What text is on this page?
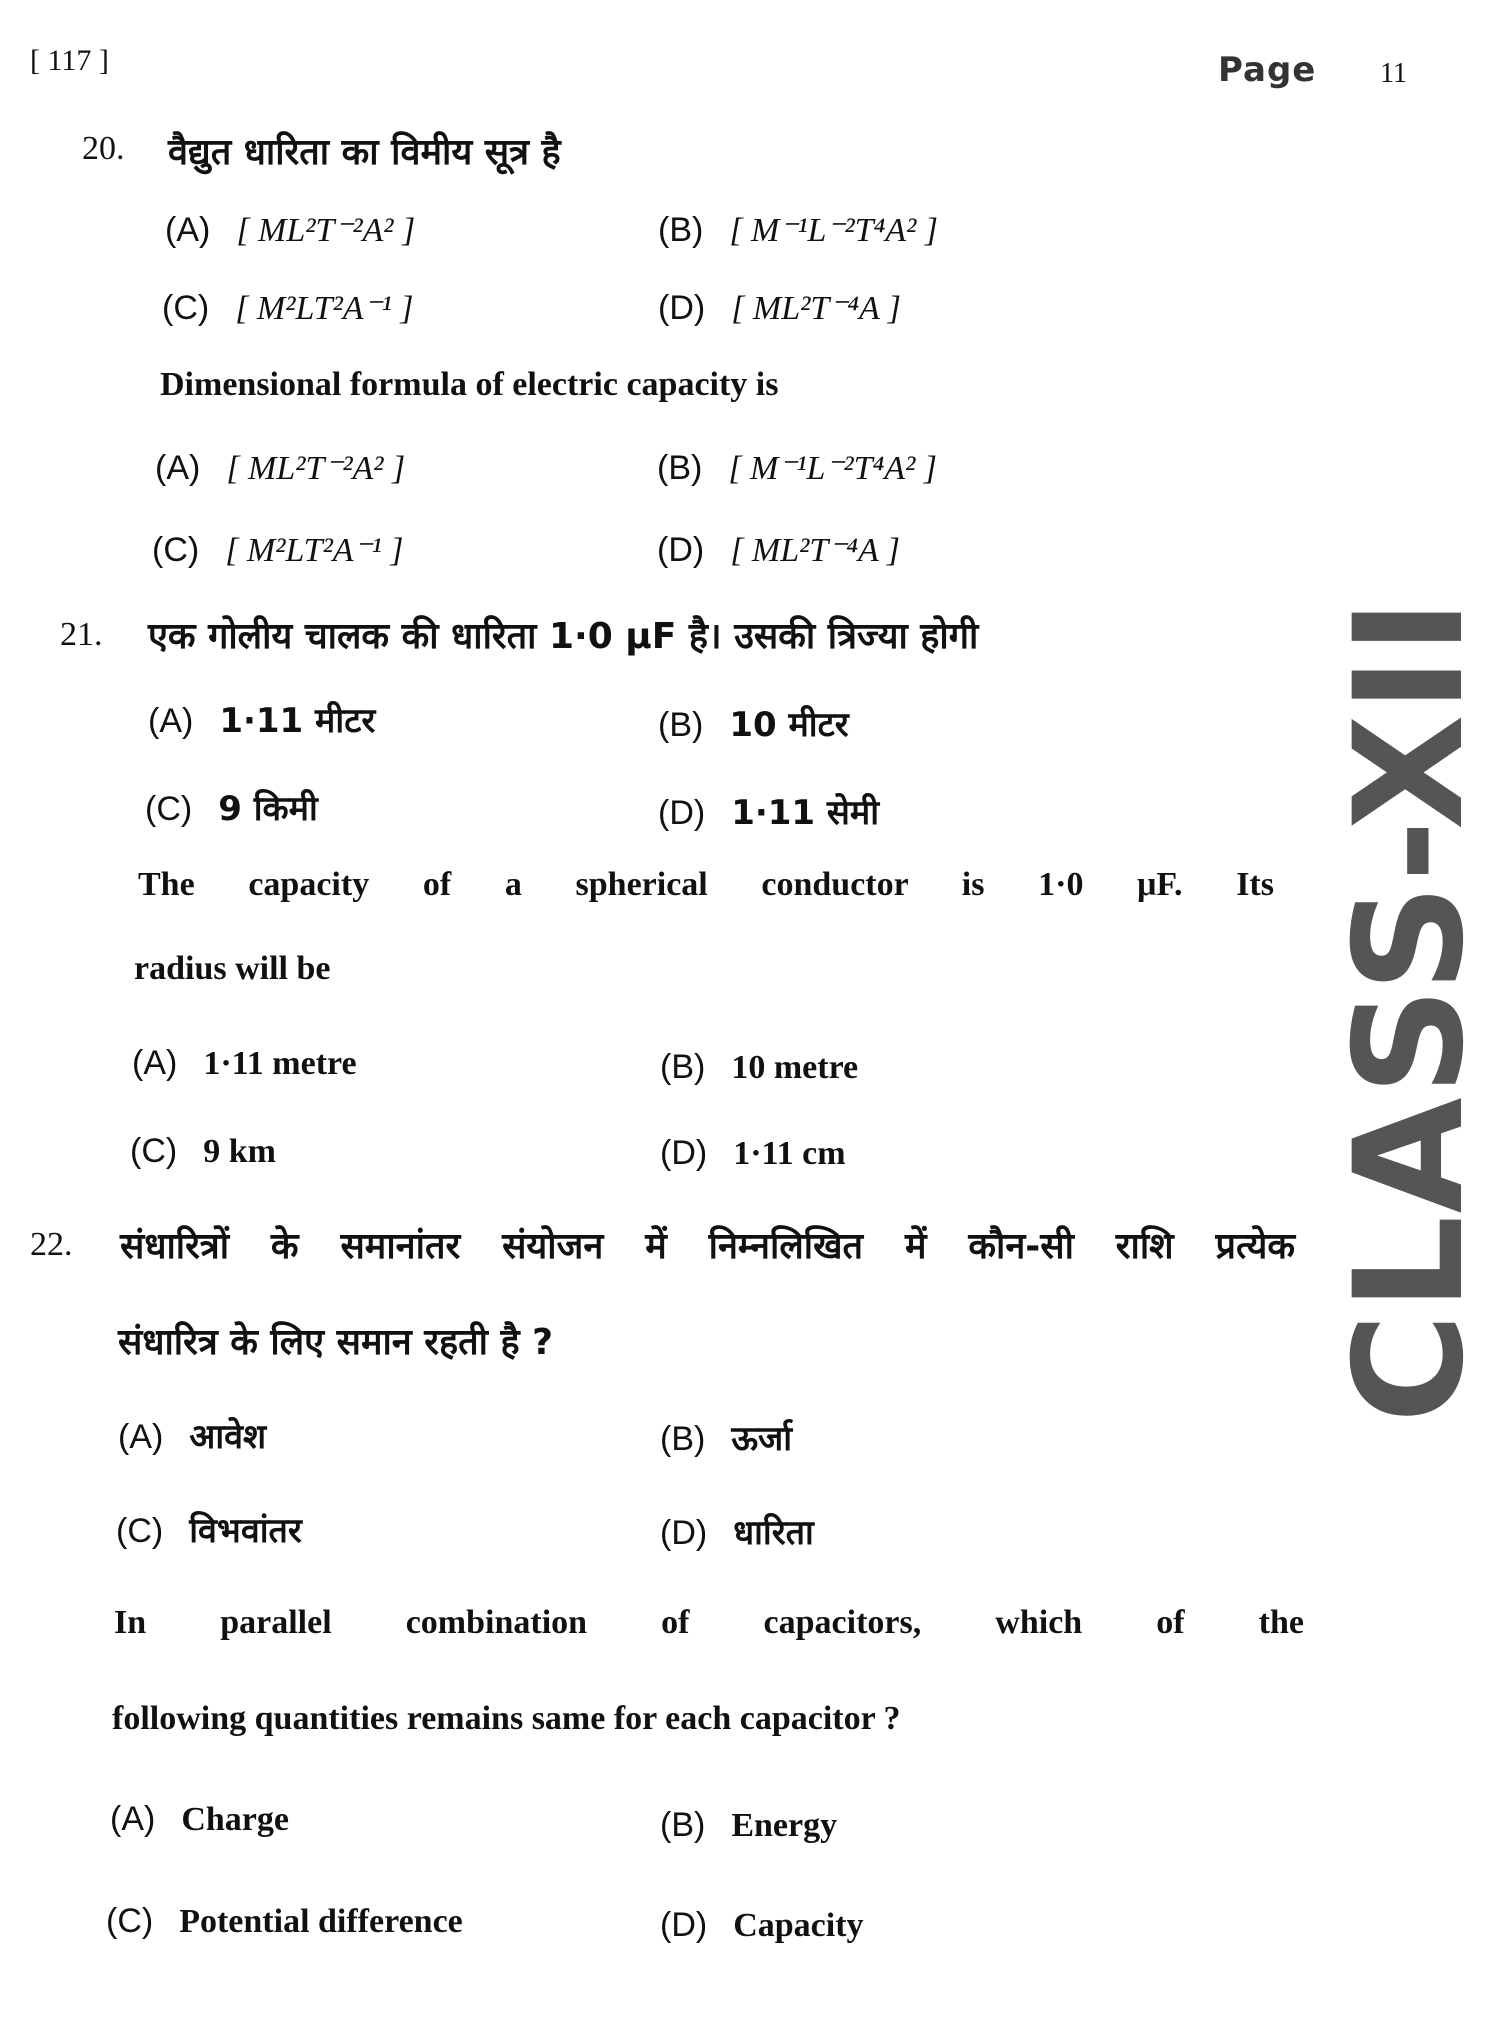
[ 117 ]	Page 11
CLASS-XII
20. वैद्युत धारिता का विमीय सूत्र है
(A) [ ML²T⁻²A² ]	(B) [ M⁻¹L⁻²T⁴A² ]
(C) [ M²LT²A⁻¹ ]	(D) [ ML²T⁻⁴A ]
Dimensional formula of electric capacity is
(A) [ ML²T⁻²A² ]	(B) [ M⁻¹L⁻²T⁴A² ]
(C) [ M²LT²A⁻¹ ]	(D) [ ML²T⁻⁴A ]
21. एक गोलीय चालक की धारिता 1·0 μF है। उसकी त्रिज्या होगी
(A) 1·11 मीटर	(B) 10 मीटर
(C) 9 किमी	(D) 1·11 सेमी
The capacity of a spherical conductor is 1·0 μF. Its
radius will be
(A) 1·11 metre	(B) 10 metre
(C) 9 km	(D) 1·11 cm
22. संधारित्रों के समानांतर संयोजन में निम्नलिखित में कौन-सी राशि प्रत्येक
संधारित्र के लिए समान रहती है ?
(A) आवेश	(B) ऊर्जा
(C) विभवांतर	(D) धारिता
In parallel combination of capacitors, which of the
following quantities remains same for each capacitor ?
(A) Charge	(B) Energy
(C) Potential difference	(D) Capacity
